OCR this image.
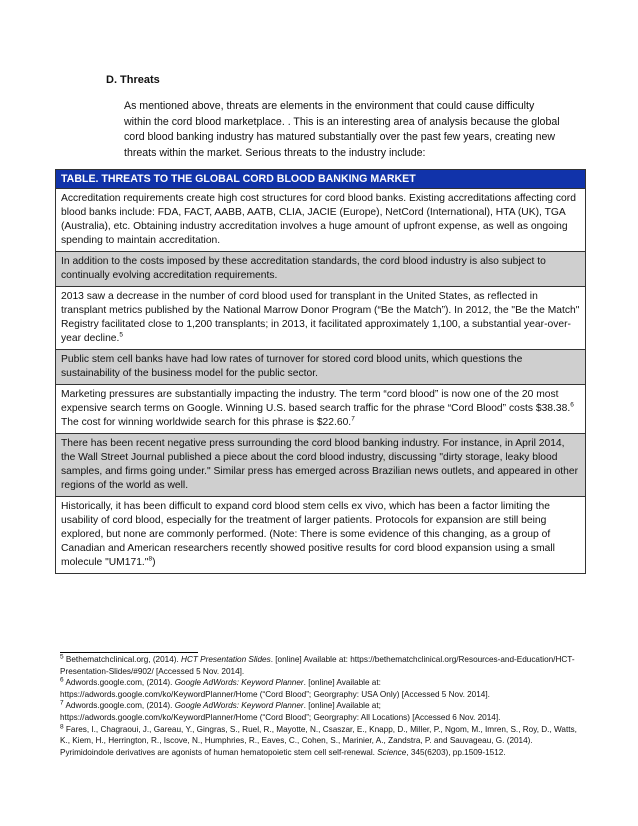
D. Threats
As mentioned above, threats are elements in the environment that could cause difficulty within the cord blood marketplace. . This is an interesting area of analysis because the global cord blood banking industry has matured substantially over the past few years, creating new threats within the market. Serious threats to the industry include:
TABLE. THREATS TO THE GLOBAL CORD BLOOD BANKING MARKET
Accreditation requirements create high cost structures for cord blood banks. Existing accreditations affecting cord blood banks include: FDA, FACT, AABB, AATB, CLIA, JACIE (Europe), NetCord (International), HTA (UK), TGA (Australia), etc. Obtaining industry accreditation involves a huge amount of upfront expense, as well as ongoing spending to maintain accreditation.
In addition to the costs imposed by these accreditation standards, the cord blood industry is also subject to continually evolving accreditation requirements.
2013 saw a decrease in the number of cord blood used for transplant in the United States, as reflected in transplant metrics published by the National Marrow Donor Program (“Be the Match”). In 2012, the "Be the Match" Registry facilitated close to 1,200 transplants; in 2013, it facilitated approximately 1,100, a substantial year-over-year decline.$^5$
Public stem cell banks have had low rates of turnover for stored cord blood units, which questions the sustainability of the business model for the public sector.
Marketing pressures are substantially impacting the industry. The term “cord blood” is now one of the 20 most expensive search terms on Google. Winning U.S. based search traffic for the phrase “Cord Blood” costs $38.38.$^6$ The cost for winning worldwide search for this phrase is $22.60.$^7$
There has been recent negative press surrounding the cord blood banking industry. For instance, in April 2014, the Wall Street Journal published a piece about the cord blood industry, discussing "dirty storage, leaky blood samples, and firms going under." Similar press has emerged across Brazilian news outlets, and appeared in other regions of the world as well.
Historically, it has been difficult to expand cord blood stem cells ex vivo, which has been a factor limiting the usability of cord blood, especially for the treatment of larger patients. Protocols for expansion are still being explored, but none are commonly performed. (Note: There is some evidence of this changing, as a group of Canadian and American researchers recently showed positive results for cord blood expansion using a small molecule "UM171."$^8$)

$^5$ Bethematchclinical.org, (2014). HCT Presentation Slides. [online] Available at: https://bethematchclinical.org/Resources-and-Education/HCT-Presentation-Slides/#902/ [Accessed 5 Nov. 2014].

$^6$ Adwords.google.com, (2014). Google AdWords: Keyword Planner. [online] Available at: https://adwords.google.com/ko/KeywordPlanner/Home (“Cord Blood”; Georgraphy: USA Only) [Accessed 5 Nov. 2014].

$^7$ Adwords.google.com, (2014). Google AdWords: Keyword Planner. [online] Available at; https://adwords.google.com/ko/KeywordPlanner/Home (“Cord Blood”; Georgraphy: All Locations) [Accessed 6 Nov. 2014].

$^8$ Fares, I., Chagraoui, J., Gareau, Y., Gingras, S., Ruel, R., Mayotte, N., Csaszar, E., Knapp, D., Miller, P., Ngom, M., Imren, S., Roy, D., Watts, K., Kiem, H., Herrington, R., Iscove, N., Humphries, R., Eaves, C., Cohen, S., Marinier, A., Zandstra, P. and Sauvageau, G. (2014). Pyrimidoindole derivatives are agonists of human hematopoietic stem cell self-renewal. Science, 345(6203), pp.1509-1512.
